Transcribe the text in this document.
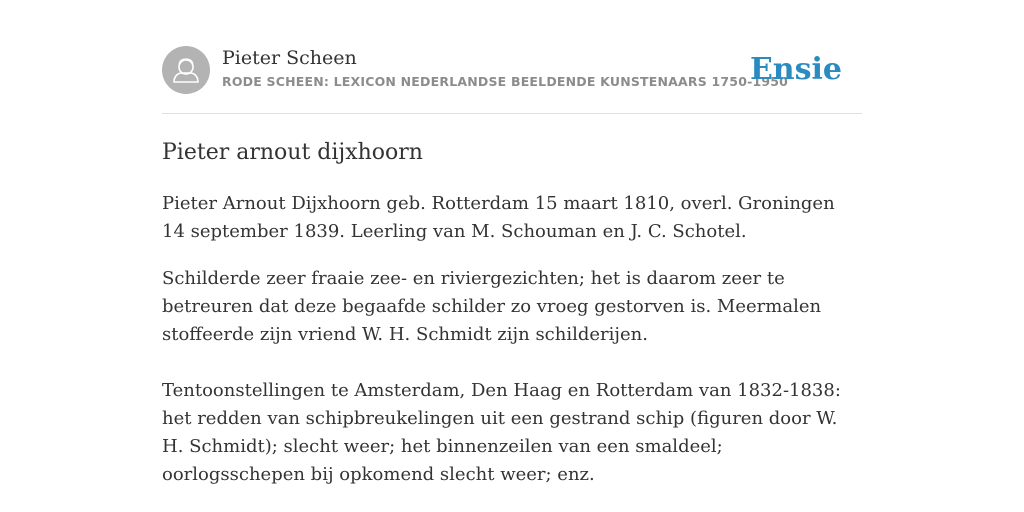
Pieter Scheen
RODE SCHEEN: LEXICON NEDERLANDSE BEELDENDE KUNSTENAARS 1750-1950
Ensie
Pieter arnout dijxhoorn

Pieter Arnout Dijxhoorn geb. Rotterdam 15 maart 1810, overl. Groningen 14 september 1839. Leerling van M. Schouman en J. C. Schotel.

Schilderde zeer fraaie zee- en riviergezichten; het is daarom zeer te betreuren dat deze begaafde schilder zo vroeg gestorven is. Meermalen stoffeerde zijn vriend W. H. Schmidt zijn schilderijen.

Tentoonstellingen te Amsterdam, Den Haag en Rotterdam van 1832-1838: het redden van schipbreukelingen uit een gestrand schip (figuren door W. H. Schmidt); slecht weer; het binnenzeilen van een smaldeel; oorlogsschepen bij opkomend slecht weer; enz.
